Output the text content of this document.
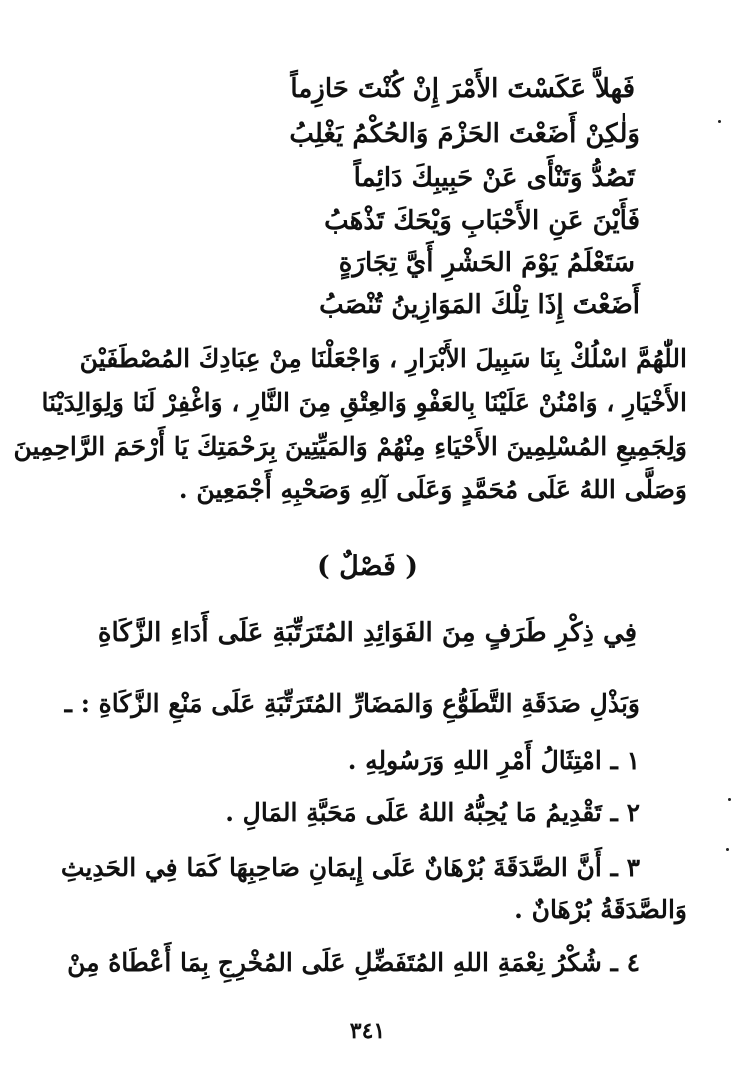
فَهلاَّ عَكَسْتَ الأَمْرَ إِنْ كُنْتَ حَازِماً
وَلٰكِنْ أَضَعْتَ الحَزْمَ وَالحُكْمُ يَغْلِبُ
تَصُدُّ وَتَنْأَى عَنْ حَبِيبِكَ دَائِماً
فَأَيْنَ عَنِ الأَحْبَابِ وَيْحَكَ تَذْهَبُ
سَتَعْلَمُ يَوْمَ الحَشْرِ أَيَّ تِجَارَةٍ
أَضَعْتَ إِذَا تِلْكَ المَوَازِينُ تُنْصَبُ
اللّٰهُمَّ اسْلُكْ بِنَا سَبِيلَ الأَبْرَارِ ، وَاجْعَلْنَا مِنْ عِبَادِكَ المُصْطَفَيْنَ
الأَخْيَارِ ، وَامْنُنْ عَلَيْنَا بِالعَفْوِ وَالعِتْقِ مِنَ النَّارِ ، وَاغْفِرْ لَنَا وَلِوَالِدَيْنَا
وَلِجَمِيعِ المُسْلِمِينَ الأَحْيَاءِ مِنْهُمْ وَالمَيِّتِينَ بِرَحْمَتِكَ يَا أَرْحَمَ الرَّاحِمِينَ
وَصَلَّى اللهُ عَلَى مُحَمَّدٍ وَعَلَى آلِهِ وَصَحْبِهِ أَجْمَعِينَ .
( فَصْلٌ )
فِي ذِكْرِ طَرَفٍ مِنَ الفَوَائِدِ المُتَرَتِّبَةِ عَلَى أَدَاءِ الزَّكَاةِ
وَبَذْلِ صَدَقَةِ التَّطَوُّعِ وَالمَضَارِّ المُتَرَتِّبَةِ عَلَى مَنْعِ الزَّكَاةِ : ـ
١ ـ امْتِثَالُ أَمْرِ اللهِ وَرَسُولِهِ .
٢ ـ تَقْدِيمُ مَا يُحِبُّهُ اللهُ عَلَى مَحَبَّةِ المَالِ .
٣ ـ أَنَّ الصَّدَقَةَ بُرْهَانٌ عَلَى إِيمَانِ صَاحِبِهَا كَمَا فِي الحَدِيثِ
وَالصَّدَقَةُ بُرْهَانٌ .
٤ ـ شُكْرُ نِعْمَةِ اللهِ المُتَفَضِّلِ عَلَى المُخْرِجِ بِمَا أَعْطَاهُ مِنْ
٣٤١
